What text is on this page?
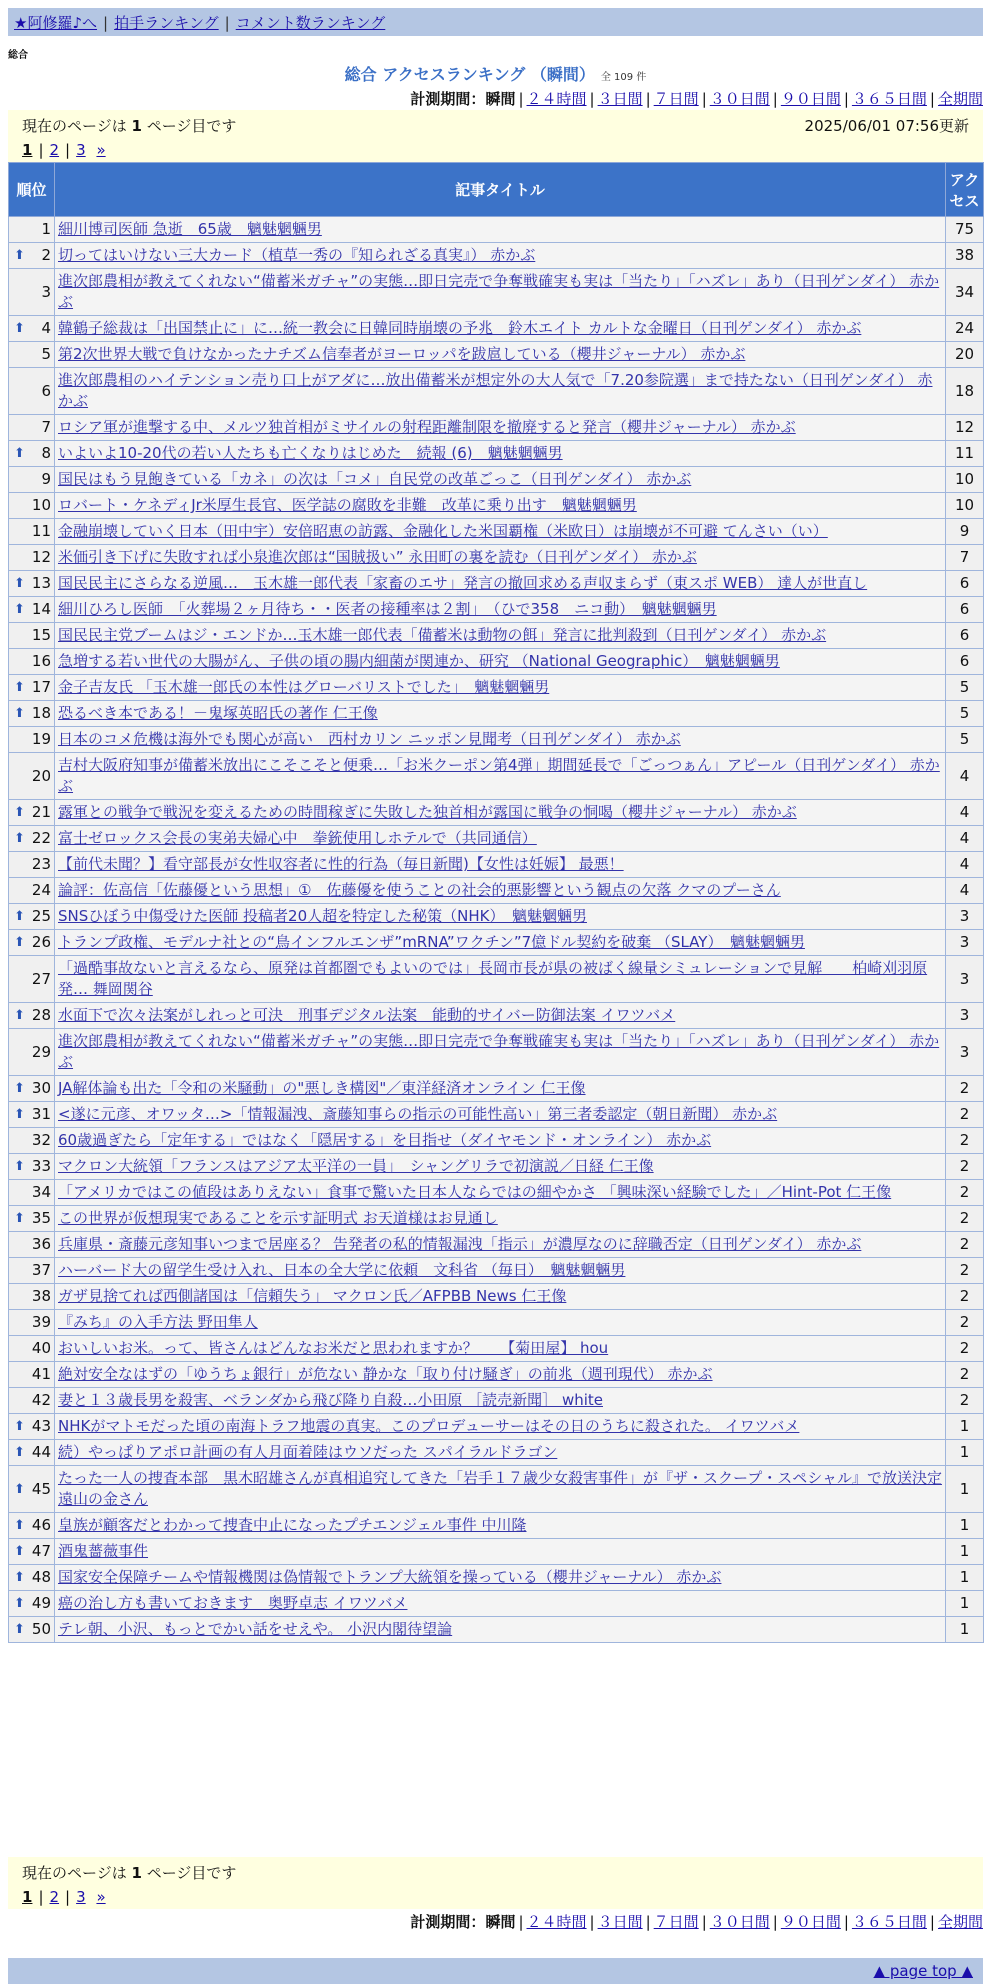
★阿修羅♪へ | 拍手ランキング | コメント数ランキング
総合
総合 アクセスランキング （瞬間） 全 109 件
計測期間：瞬間 | ２４時間 | ３日間 | ７日間 | ３０日間 | ９０日間 | ３６５日間 | 全期間
現在のページは 1 ページ目です	2025/06/01 07:56更新
1 | 2 | 3 »
順位	記事タイトル	アクセス
1	細川博司医師 急逝　65歳　魑魅魍魎男	75

⬆ 2	切ってはいけない三大カード（植草一秀の『知られざる真実』） 赤かぶ	38
3	進次郎農相が教えてくれない“備蓄米ガチャ”の実態…即日完売で争奪戦確実も実は「当たり」「ハズレ」あり（日刊ゲンダイ） 赤かぶ	34

⬆ 4	韓鶴子総裁は「出国禁止に」に…統一教会に日韓同時崩壊の予兆　鈴木エイト カルトな金曜日（日刊ゲンダイ） 赤かぶ	24
5	第2次世界大戦で負けなかったナチズム信奉者がヨーロッパを跋扈している（櫻井ジャーナル） 赤かぶ	20
6	進次郎農相のハイテンション売り口上がアダに…放出備蓄米が想定外の大人気で「7.20参院選」まで持たない（日刊ゲンダイ） 赤かぶ	18
7	ロシア軍が進撃する中、メルツ独首相がミサイルの射程距離制限を撤廃すると発言（櫻井ジャーナル） 赤かぶ	12

⬆ 8	いよいよ10-20代の若い人たちも亡くなりはじめた　続報 (6)　魑魅魍魎男	11
9	国民はもう見飽きている「カネ」の次は「コメ」自民党の改革ごっこ（日刊ゲンダイ） 赤かぶ	10
10	ロバート・ケネディJr米厚生長官、医学誌の腐敗を非難　改革に乗り出す　魑魅魍魎男	10
11	金融崩壊していく日本（田中宇）安倍昭恵の訪露、金融化した米国覇権（米欧日）は崩壊が不可避 てんさい（い）	9
12	米価引き下げに失敗すれば小泉進次郎は“国賊扱い” 永田町の裏を読む（日刊ゲンダイ） 赤かぶ	7

⬆ 13	国民民主にさらなる逆風…　玉木雄一郎代表「家畜のエサ」発言の撤回求める声収まらず（東スポ WEB） 達人が世直し	6

⬆ 14	細川ひろし医師　「火葬場２ヶ月待ち・・医者の接種率は２割」　（ひで358　ニコ動）　魑魅魍魎男	6
15	国民民主党ブームはジ・エンドか…玉木雄一郎代表「備蓄米は動物の餌」発言に批判殺到（日刊ゲンダイ） 赤かぶ	6
16	急増する若い世代の大腸がん、子供の頃の腸内細菌が関連か、研究 （National Geographic）　魑魅魍魎男	6

⬆ 17	金子吉友氏 「玉木雄一郎氏の本性はグローバリストでした」　魑魅魍魎男	5

⬆ 18	恐るべき本である！－鬼塚英昭氏の著作 仁王像	5
19	日本のコメ危機は海外でも関心が高い　西村カリン ニッポン見聞考（日刊ゲンダイ） 赤かぶ	5
20	吉村大阪府知事が備蓄米放出にこそこそと便乗…「お米クーポン第4弾」期間延長で「ごっつぁん」アピール（日刊ゲンダイ） 赤かぶ	4

⬆ 21	露軍との戦争で戦況を変えるための時間稼ぎに失敗した独首相が露国に戦争の恫喝（櫻井ジャーナル） 赤かぶ	4

⬆ 22	富士ゼロックス会長の実弟夫婦心中　拳銃使用しホテルで（共同通信）	4
23	【前代未聞？】看守部長が女性収容者に性的行為（毎日新聞)【女性は妊娠】 最悪！	4
24	論評：佐高信「佐藤優という思想」①　佐藤優を使うことの社会的悪影響という観点の欠落 クマのプーさん	4

⬆ 25	SNSひぼう中傷受けた医師 投稿者20人超を特定した秘策（NHK）　魑魅魍魎男	3

⬆ 26	トランプ政権、モデルナ社との“鳥インフルエンザ”mRNA”ワクチン”7億ドル契約を破棄 （SLAY）　魑魅魍魎男	3
27	「過酷事故ないと言えるなら、原発は首都圏でもよいのでは」長岡市長が県の被ばく線量シミュレーションで見解　　柏崎刈羽原発… 舞岡関谷	3

⬆ 28	水面下で次々法案がしれっと可決　刑事デジタル法案　能動的サイバー防御法案 イワツバメ	3
29	進次郎農相が教えてくれない“備蓄米ガチャ”の実態…即日完売で争奪戦確実も実は「当たり」「ハズレ」あり（日刊ゲンダイ） 赤かぶ	3

⬆ 30	JA解体論も出た「令和の米騒動」の"悪しき構図"／東洋経済オンライン 仁王像	2

⬆ 31	<遂に元彦、オワッタ…>「情報漏洩、斎藤知事らの指示の可能性高い」第三者委認定（朝日新聞） 赤かぶ	2
32	60歳過ぎたら「定年する」ではなく「隠居する」を目指せ（ダイヤモンド・オンライン） 赤かぶ	2

⬆ 33	マクロン大統領「フランスはアジア太平洋の一員」　シャングリラで初演説／日経 仁王像	2
34	「アメリカではこの値段はありえない」食事で驚いた日本人ならではの細やかさ 「興味深い経験でした」／Hint-Pot 仁王像	2

⬆ 35	この世界が仮想現実であることを示す証明式 お天道様はお見通し	2
36	兵庫県・斎藤元彦知事いつまで居座る？ 告発者の私的情報漏洩「指示」が濃厚なのに辞職否定（日刊ゲンダイ） 赤かぶ	2
37	ハーバード大の留学生受け入れ、日本の全大学に依頼　文科省 （毎日）　魑魅魍魎男	2
38	ガザ見捨てれば西側諸国は「信頼失う」 マクロン氏／AFPBB News 仁王像	2
39	『みち』の入手方法 野田隼人	2
40	おいしいお米。って、皆さんはどんなお米だと思われますか？　　【菊田屋】 hou	2
41	絶対安全なはずの「ゆうちょ銀行」が危ない 静かな「取り付け騒ぎ」の前兆（週刊現代） 赤かぶ	2
42	妻と１３歳長男を殺害、ベランダから飛び降り自殺…小田原 ［読売新聞］ white	2

⬆ 43	NHKがマトモだった頃の南海トラフ地震の真実。このプロデューサーはその日のうちに殺された。 イワツバメ	1

⬆ 44	続）やっぱりアポロ計画の有人月面着陸はウソだった スパイラルドラゴン	1

⬆ 45	たった一人の捜査本部　黒木昭雄さんが真相追究してきた「岩手１７歳少女殺害事件」が『ザ・スクープ・スペシャル』で放送決定 遠山の金さん	1

⬆ 46	皇族が顧客だとわかって捜査中止になったプチエンジェル事件 中川隆	1

⬆ 47	酒鬼薔薇事件	1

⬆ 48	国家安全保障チームや情報機関は偽情報でトランプ大統領を操っている（櫻井ジャーナル） 赤かぶ	1

⬆ 49	癌の治し方も書いておきます　奥野卓志 イワツバメ	1

⬆ 50	テレ朝、小沢、もっとでかい話をせえや。 小沢内閣待望論	1
現在のページは 1 ページ目です
1 | 2 | 3 »
計測期間：瞬間 | ２４時間 | ３日間 | ７日間 | ３０日間 | ９０日間 | ３６５日間 | 全期間
▲ page top ▲
